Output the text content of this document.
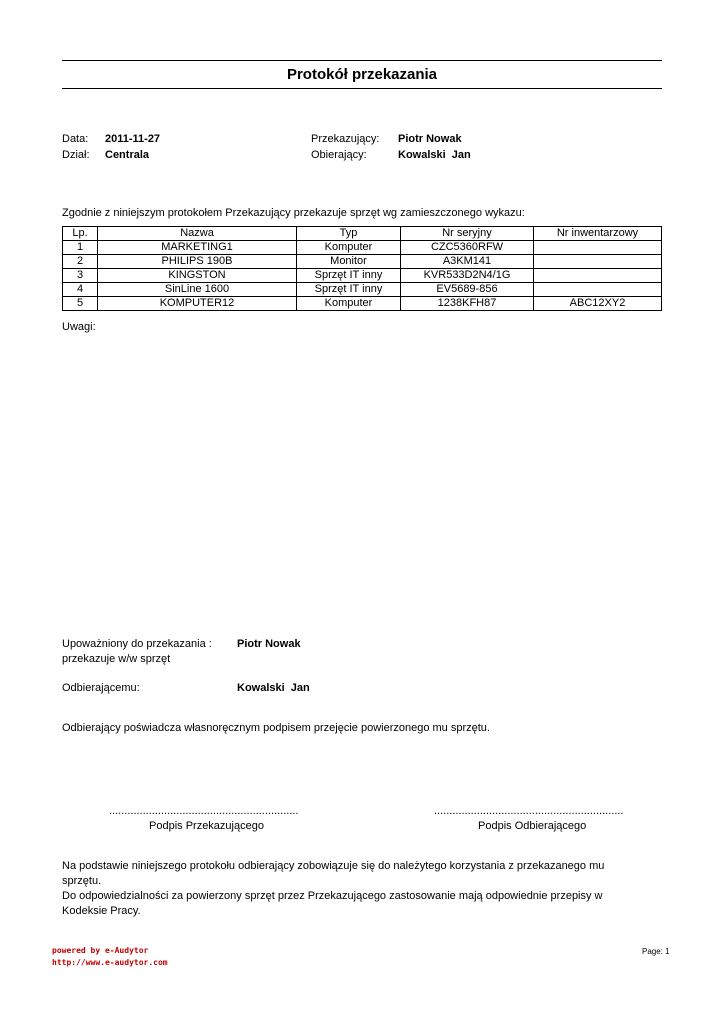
Protokół przekazania
Data: 2011-11-27
Dział: Centrala
Przekazujący: Piotr Nowak
Obierający:	Kowalski  Jan
Zgodnie z niniejszym protokołem Przekazujący przekazuje sprzęt wg zamieszczonego wykazu:
Lp.	Nazwa	Typ	Nr seryjny	Nr inwentarzowy
1	MARKETING1	Komputer	CZC5360RFW	
2	PHILIPS 190B	Monitor	A3KM141	
3	KINGSTON	Sprzęt IT inny	KVR533D2N4/1G	
4	SinLine 1600	Sprzęt IT inny	EV5689-856	
5	KOMPUTER12	Komputer	1238KFH87	ABC12XY2
Uwagi:
Upoważniony do przekazania :
przekazuje w/w sprzęt
Piotr Nowak
Odbierającemu:	Kowalski  Jan
Odbierający poświadcza własnoręcznym podpisem przejęcie powierzonego mu sprzętu.
..............................................................
Podpis Przekazującego
..............................................................
Podpis Odbierającego
Na podstawie niniejszego protokołu odbierający zobowiązuje się do należytego korzystania z przekazanego mu
sprzętu.
Do odpowiedzialności za powierzony sprzęt przez Przekazującego zastosowanie mają odpowiednie przepisy w
Kodeksie Pracy.
powered by e-Audytor
http://www.e-audytor.com
Page: 1
